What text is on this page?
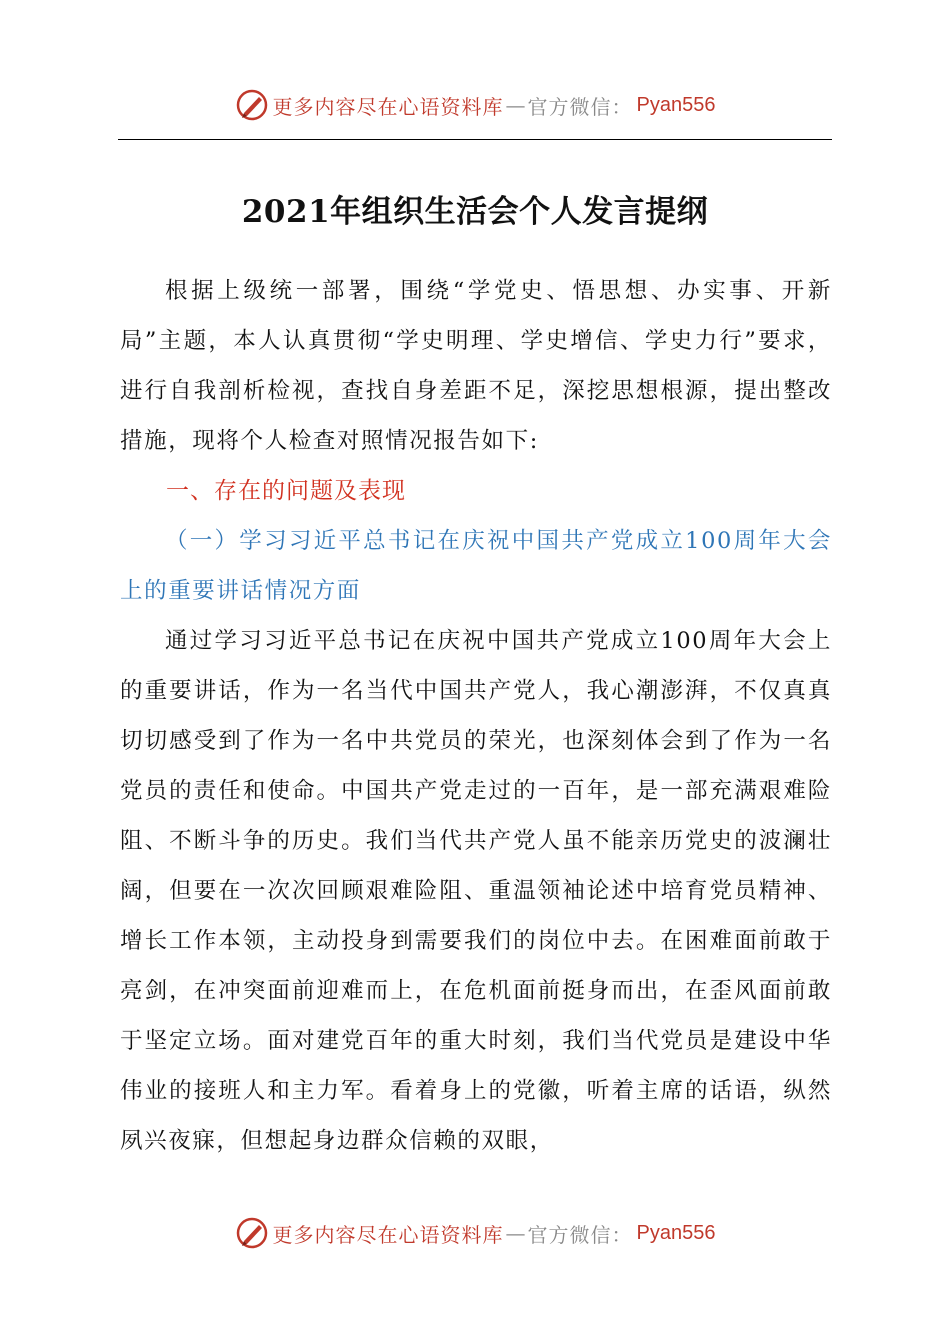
更多内容尽在心语资料库 — 官方微信： Pyan556
2021年组织生活会个人发言提纲

根据上级统一部署，围绕“学党史、悟思想、办实事、开新局”主题，本人认真贯彻“学史明理、学史增信、学史力行”要求，进行自我剖析检视，查找自身差距不足，深挖思想根源，提出整改措施，现将个人检查对照情况报告如下:

一、存在的问题及表现

（一）学习习近平总书记在庆祝中国共产党成立100周年大会上的重要讲话情况方面

通过学习习近平总书记在庆祝中国共产党成立100周年大会上的重要讲话，作为一名当代中国共产党人，我心潮澎湃，不仅真真切切感受到了作为一名中共党员的荣光，也深刻体会到了作为一名党员的责任和使命。中国共产党走过的一百年，是一部充满艰难险阻、不断斗争的历史。我们当代共产党人虽不能亲历党史的波澜壮阔，但要在一次次回顾艰难险阻、重温领袖论述中培育党员精神、增长工作本领，主动投身到需要我们的岗位中去。在困难面前敢于亮剑，在冲突面前迎难而上，在危机面前挺身而出，在歪风面前敢于坚定立场。面对建党百年的重大时刻，我们当代党员是建设中华伟业的接班人和主力军。看着身上的党徽，听着主席的话语，纵然夙兴夜寐，但想起身边群众信赖的双眼，

更多内容尽在心语资料库 — 官方微信： Pyan556
